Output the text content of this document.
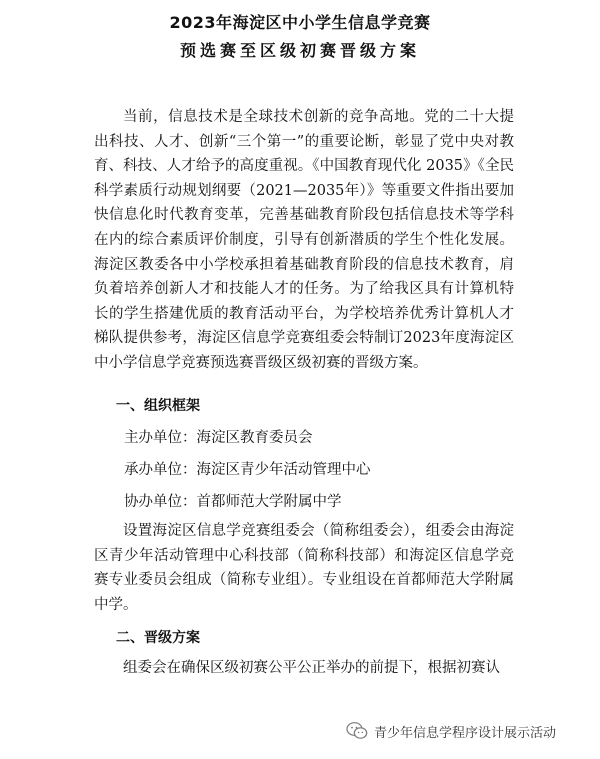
2023年海淀区中小学生信息学竞赛
预选赛至区级初赛晋级方案

当前，信息技术是全球技术创新的竞争高地。党的二十大提出科技、人才、创新“三个第一”的重要论断，彰显了党中央对教育、科技、人才给予的高度重视。《中国教育现代化 2035》《全民科学素质行动规划纲要（2021—2035年）》等重要文件指出要加快信息化时代教育变革，完善基础教育阶段包括信息技术等学科在内的综合素质评价制度，引导有创新潜质的学生个性化发展。海淀区教委各中小学校承担着基础教育阶段的信息技术教育，肩负着培养创新人才和技能人才的任务。为了给我区具有计算机特长的学生搭建优质的教育活动平台，为学校培养优秀计算机人才梯队提供参考，海淀区信息学竞赛组委会特制订2023年度海淀区中小学信息学竞赛预选赛晋级区级初赛的晋级方案。

一、组织框架
主办单位：海淀区教育委员会
承办单位：海淀区青少年活动管理中心
协办单位：首都师范大学附属中学

设置海淀区信息学竞赛组委会（简称组委会），组委会由海淀区青少年活动管理中心科技部（简称科技部）和海淀区信息学竞赛专业委员会组成（简称专业组）。专业组设在首都师范大学附属中学。

二、晋级方案

组委会在确保区级初赛公平公正举办的前提下，根据初赛认

青少年信息学程序设计展示活动
